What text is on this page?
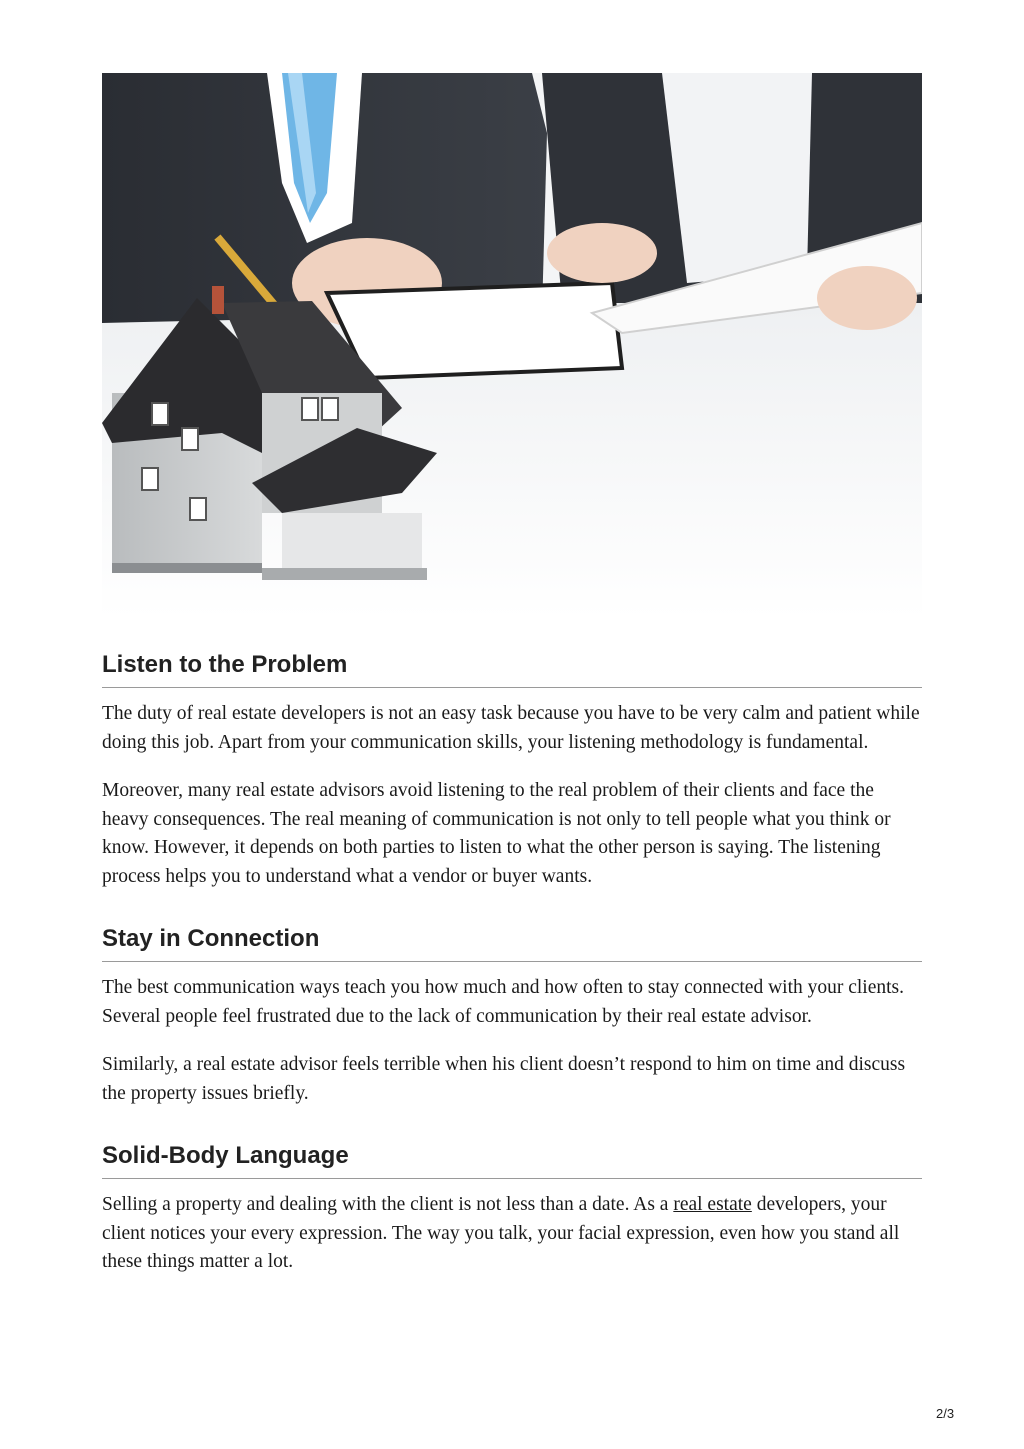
Listen to the Problem

The duty of real estate developers is not an easy task because you have to be very calm and patient while doing this job. Apart from your communication skills, your listening methodology is fundamental.

Moreover, many real estate advisors avoid listening to the real problem of their clients and face the heavy consequences. The real meaning of communication is not only to tell people what you think or know. However, it depends on both parties to listen to what the other person is saying. The listening process helps you to understand what a vendor or buyer wants.

Stay in Connection

The best communication ways teach you how much and how often to stay connected with your clients. Several people feel frustrated due to the lack of communication by their real estate advisor.

Similarly, a real estate advisor feels terrible when his client doesn’t respond to him on time and discuss the property issues briefly.

Solid-Body Language

Selling a property and dealing with the client is not less than a date. As a real estate developers, your client notices your every expression. The way you talk, your facial expression, even how you stand all these things matter a lot.

2/3
